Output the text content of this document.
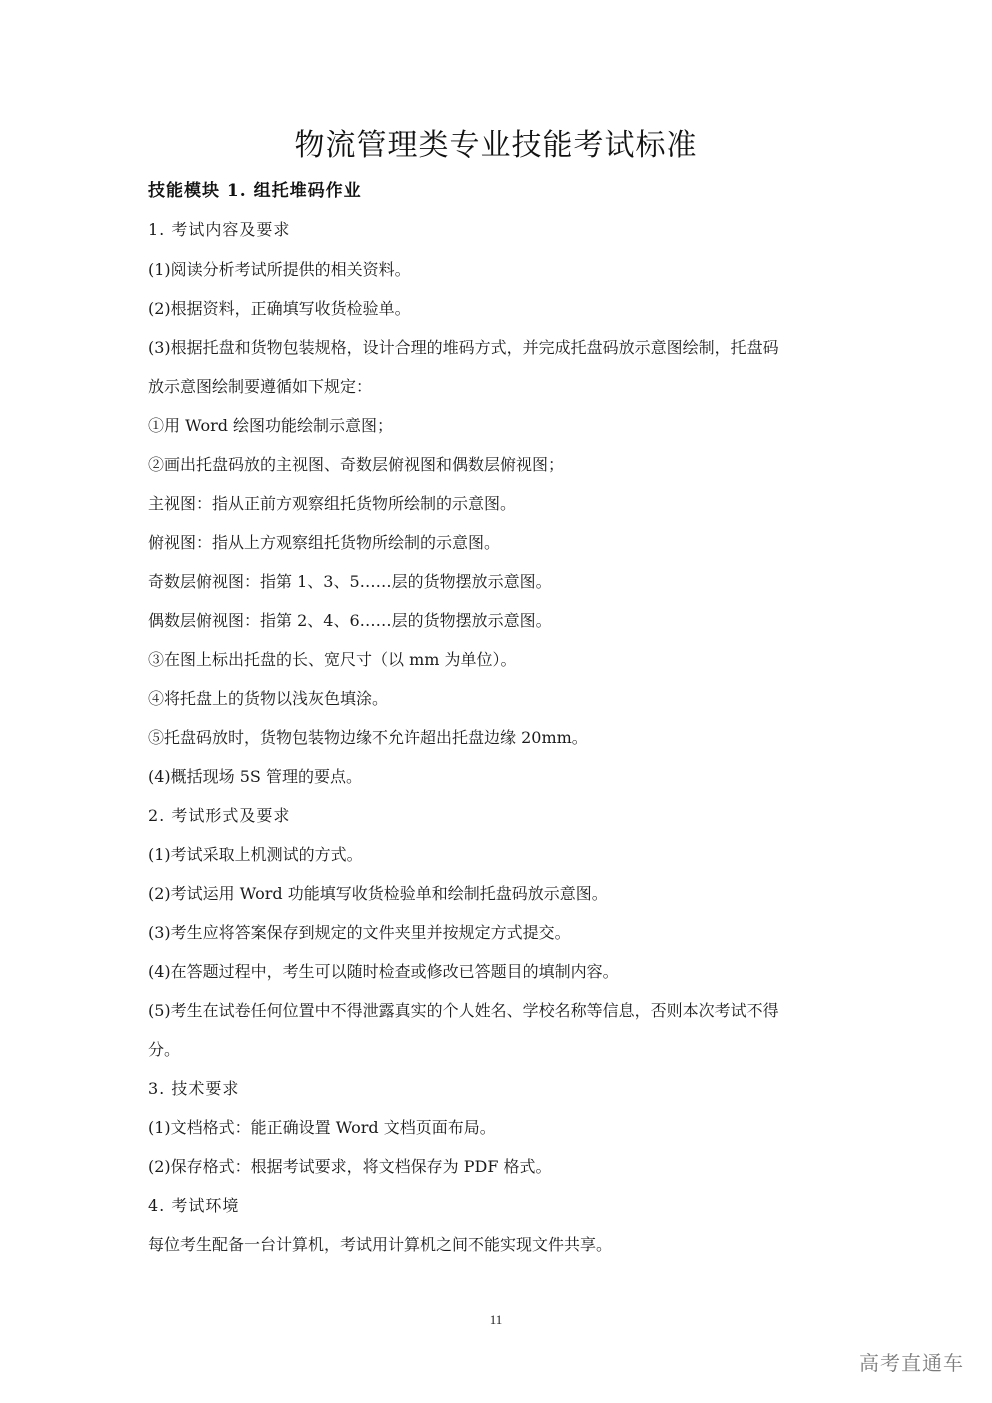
物流管理类专业技能考试标准
技能模块 1. 组托堆码作业
1. 考试内容及要求
(1)阅读分析考试所提供的相关资料。
(2)根据资料，正确填写收货检验单。
(3)根据托盘和货物包装规格，设计合理的堆码方式，并完成托盘码放示意图绘制，托盘码
放示意图绘制要遵循如下规定：
①用 Word 绘图功能绘制示意图；
②画出托盘码放的主视图、奇数层俯视图和偶数层俯视图；
主视图：指从正前方观察组托货物所绘制的示意图。
俯视图：指从上方观察组托货物所绘制的示意图。
奇数层俯视图：指第 1、3、5……层的货物摆放示意图。
偶数层俯视图：指第 2、4、6……层的货物摆放示意图。
③在图上标出托盘的长、宽尺寸（以 mm 为单位）。
④将托盘上的货物以浅灰色填涂。
⑤托盘码放时，货物包装物边缘不允许超出托盘边缘 20mm。
(4)概括现场 5S 管理的要点。
2. 考试形式及要求
(1)考试采取上机测试的方式。
(2)考试运用 Word 功能填写收货检验单和绘制托盘码放示意图。
(3)考生应将答案保存到规定的文件夹里并按规定方式提交。
(4)在答题过程中，考生可以随时检查或修改已答题目的填制内容。
(5)考生在试卷任何位置中不得泄露真实的个人姓名、学校名称等信息，否则本次考试不得
分。
3. 技术要求
(1)文档格式：能正确设置 Word 文档页面布局。
(2)保存格式：根据考试要求，将文档保存为 PDF 格式。
4. 考试环境
每位考生配备一台计算机，考试用计算机之间不能实现文件共享。
11
高考直通车
